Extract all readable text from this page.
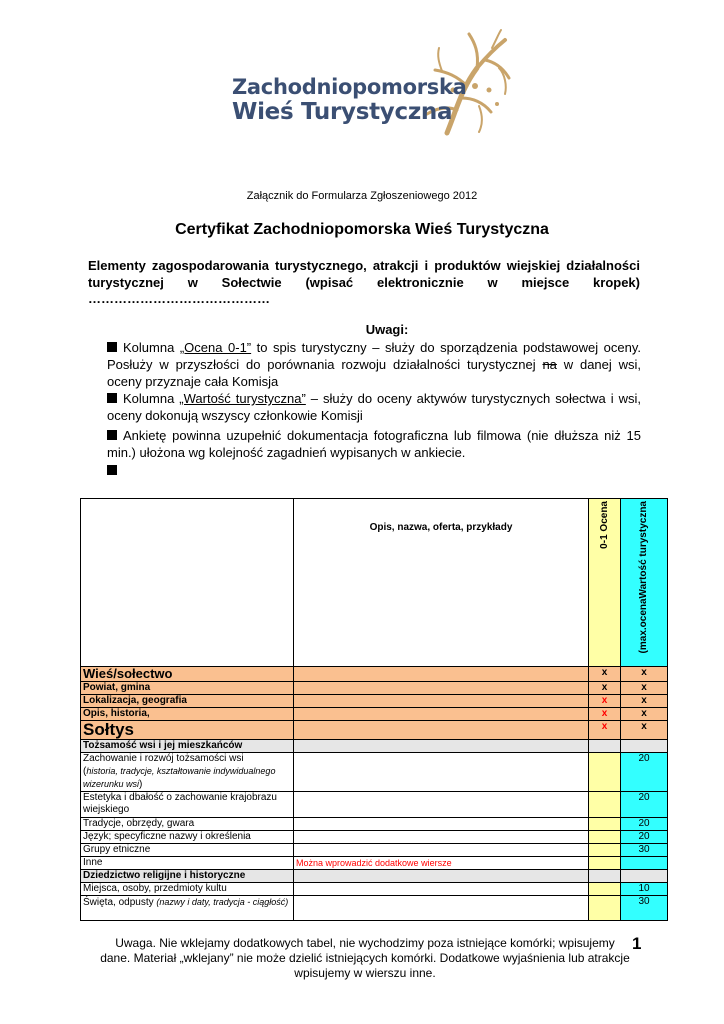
Zachodniopomorska
Wieś Turystyczna
Załącznik do Formularza Zgłoszeniowego 2012
Certyfikat Zachodniopomorska Wieś Turystyczna
Elementy zagospodarowania turystycznego, atrakcji i produktów wiejskiej działalności turystycznej w Sołectwie (wpisać elektronicznie w miejsce kropek)
……………………………………
Uwagi:
Kolumna „Ocena 0-1” to spis turystyczny – służy do sporządzenia podstawowej oceny. Posłuży w przyszłości do porównania rozwoju działalności turystycznej na w danej wsi, oceny przyznaje cała Komisja
Kolumna „Wartość turystyczna” – służy do oceny aktywów turystycznych sołectwa i wsi, oceny dokonują wszyscy członkowie Komisji
Ankietę powinna uzupełnić dokumentacja fotograficzna lub filmowa (nie dłuższa niż 15 min.) ułożona wg kolejność zagadnień wypisanych w ankiecie.

	Opis, nazwa, oferta, przykłady	0-1 Ocena	(max.ocenaWartość turystyczna

Wieś/sołectwo		x	x
Powiat, gmina		x	x
Lokalizacja, geografia		x	x
Opis, historia,		x	x
Sołtys		x	x
Tożsamość wsi i jej mieszkańców			
Zachowanie i rozwój tożsamości wsi
(historia, tradycje, kształtowanie indywidualnego wizerunku wsi)			20
Estetyka i dbałość o zachowanie krajobrazu wiejskiego			20
Tradycje, obrzędy, gwara			20
Język; specyficzne nazwy i określenia			20
Grupy etniczne			30
Inne	Można wprowadzić dodatkowe wiersze		
Dziedzictwo religijne i historyczne			
Miejsca, osoby, przedmioty kultu			10
Święta, odpusty (nazwy i daty, tradycja - ciągłość)			30
Uwaga. Nie wklejamy dodatkowych tabel, nie wychodzimy poza istniejące komórki; wpisujemy dane. Materiał „wklejany” nie może dzielić istniejących komórki. Dodatkowe wyjaśnienia lub atrakcje wpisujemy w wierszu inne.
1
